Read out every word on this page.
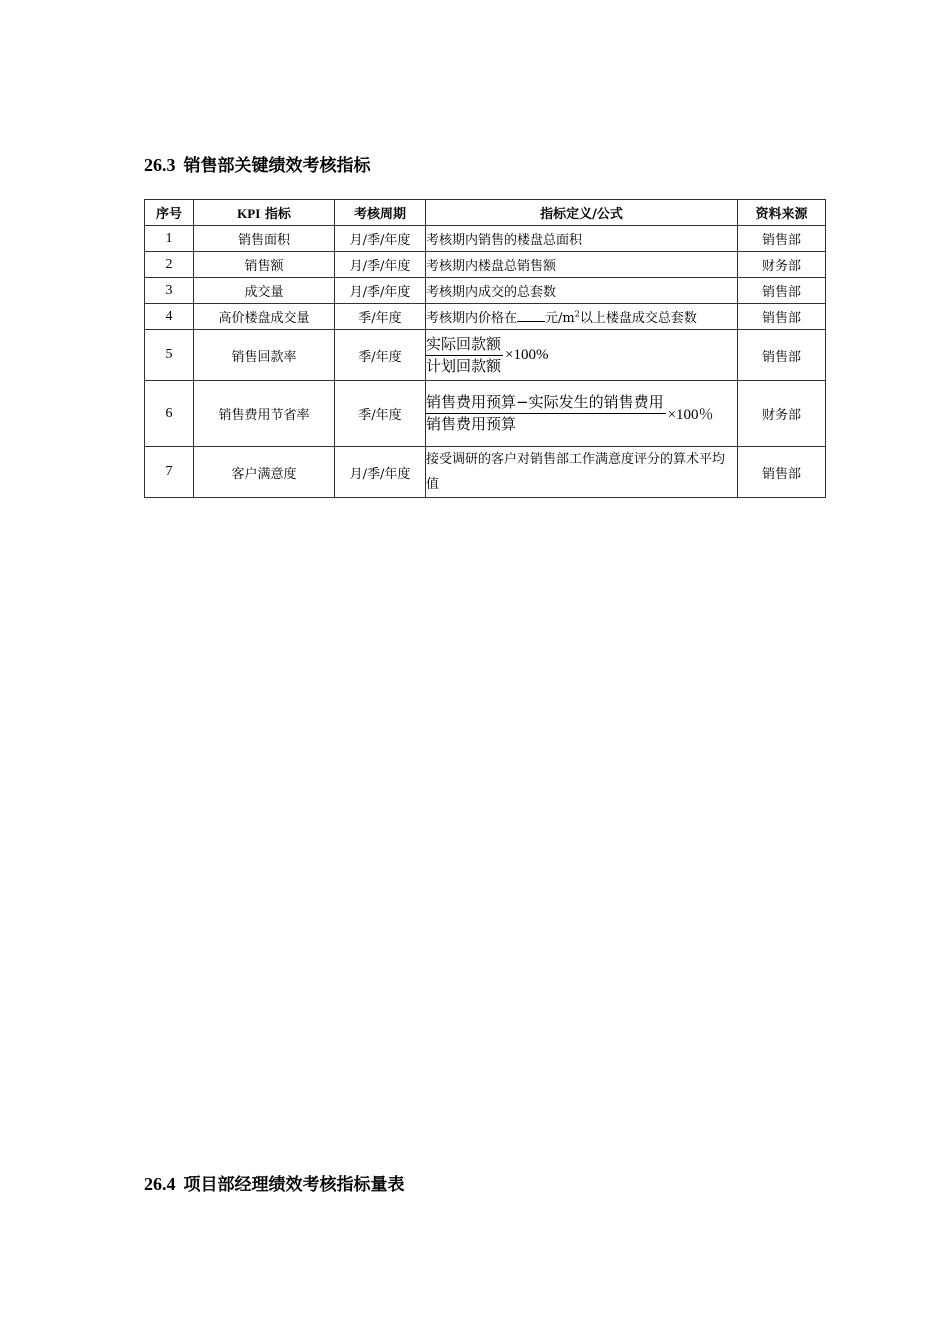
26.3 销售部关键绩效考核指标
序号	KPI 指标	考核周期	指标定义/公式	资料来源
1	销售面积	月/季/年度	考核期内销售的楼盘总面积	销售部
2	销售额	月/季/年度	考核期内楼盘总销售额	财务部
3	成交量	月/季/年度	考核期内成交的总套数	销售部
4	高价楼盘成交量	季/年度	考核期内价格在 元$/m^2$以上楼盘成交总套数	销售部
5	销售回款率	季/年度	$\frac{\text{实际回款额}}{\text{计划回款额}} \times 100\%$	销售部
6	销售费用节省率	季/年度	$\frac{\text{销售费用预算−实际发生的销售费用}}{\text{销售费用预算}} \times 100$％	财务部
7	客户满意度	月/季/年度	接受调研的客户对销售部工作满意度评分的算术平均值	销售部
26.4 项目部经理绩效考核指标量表
